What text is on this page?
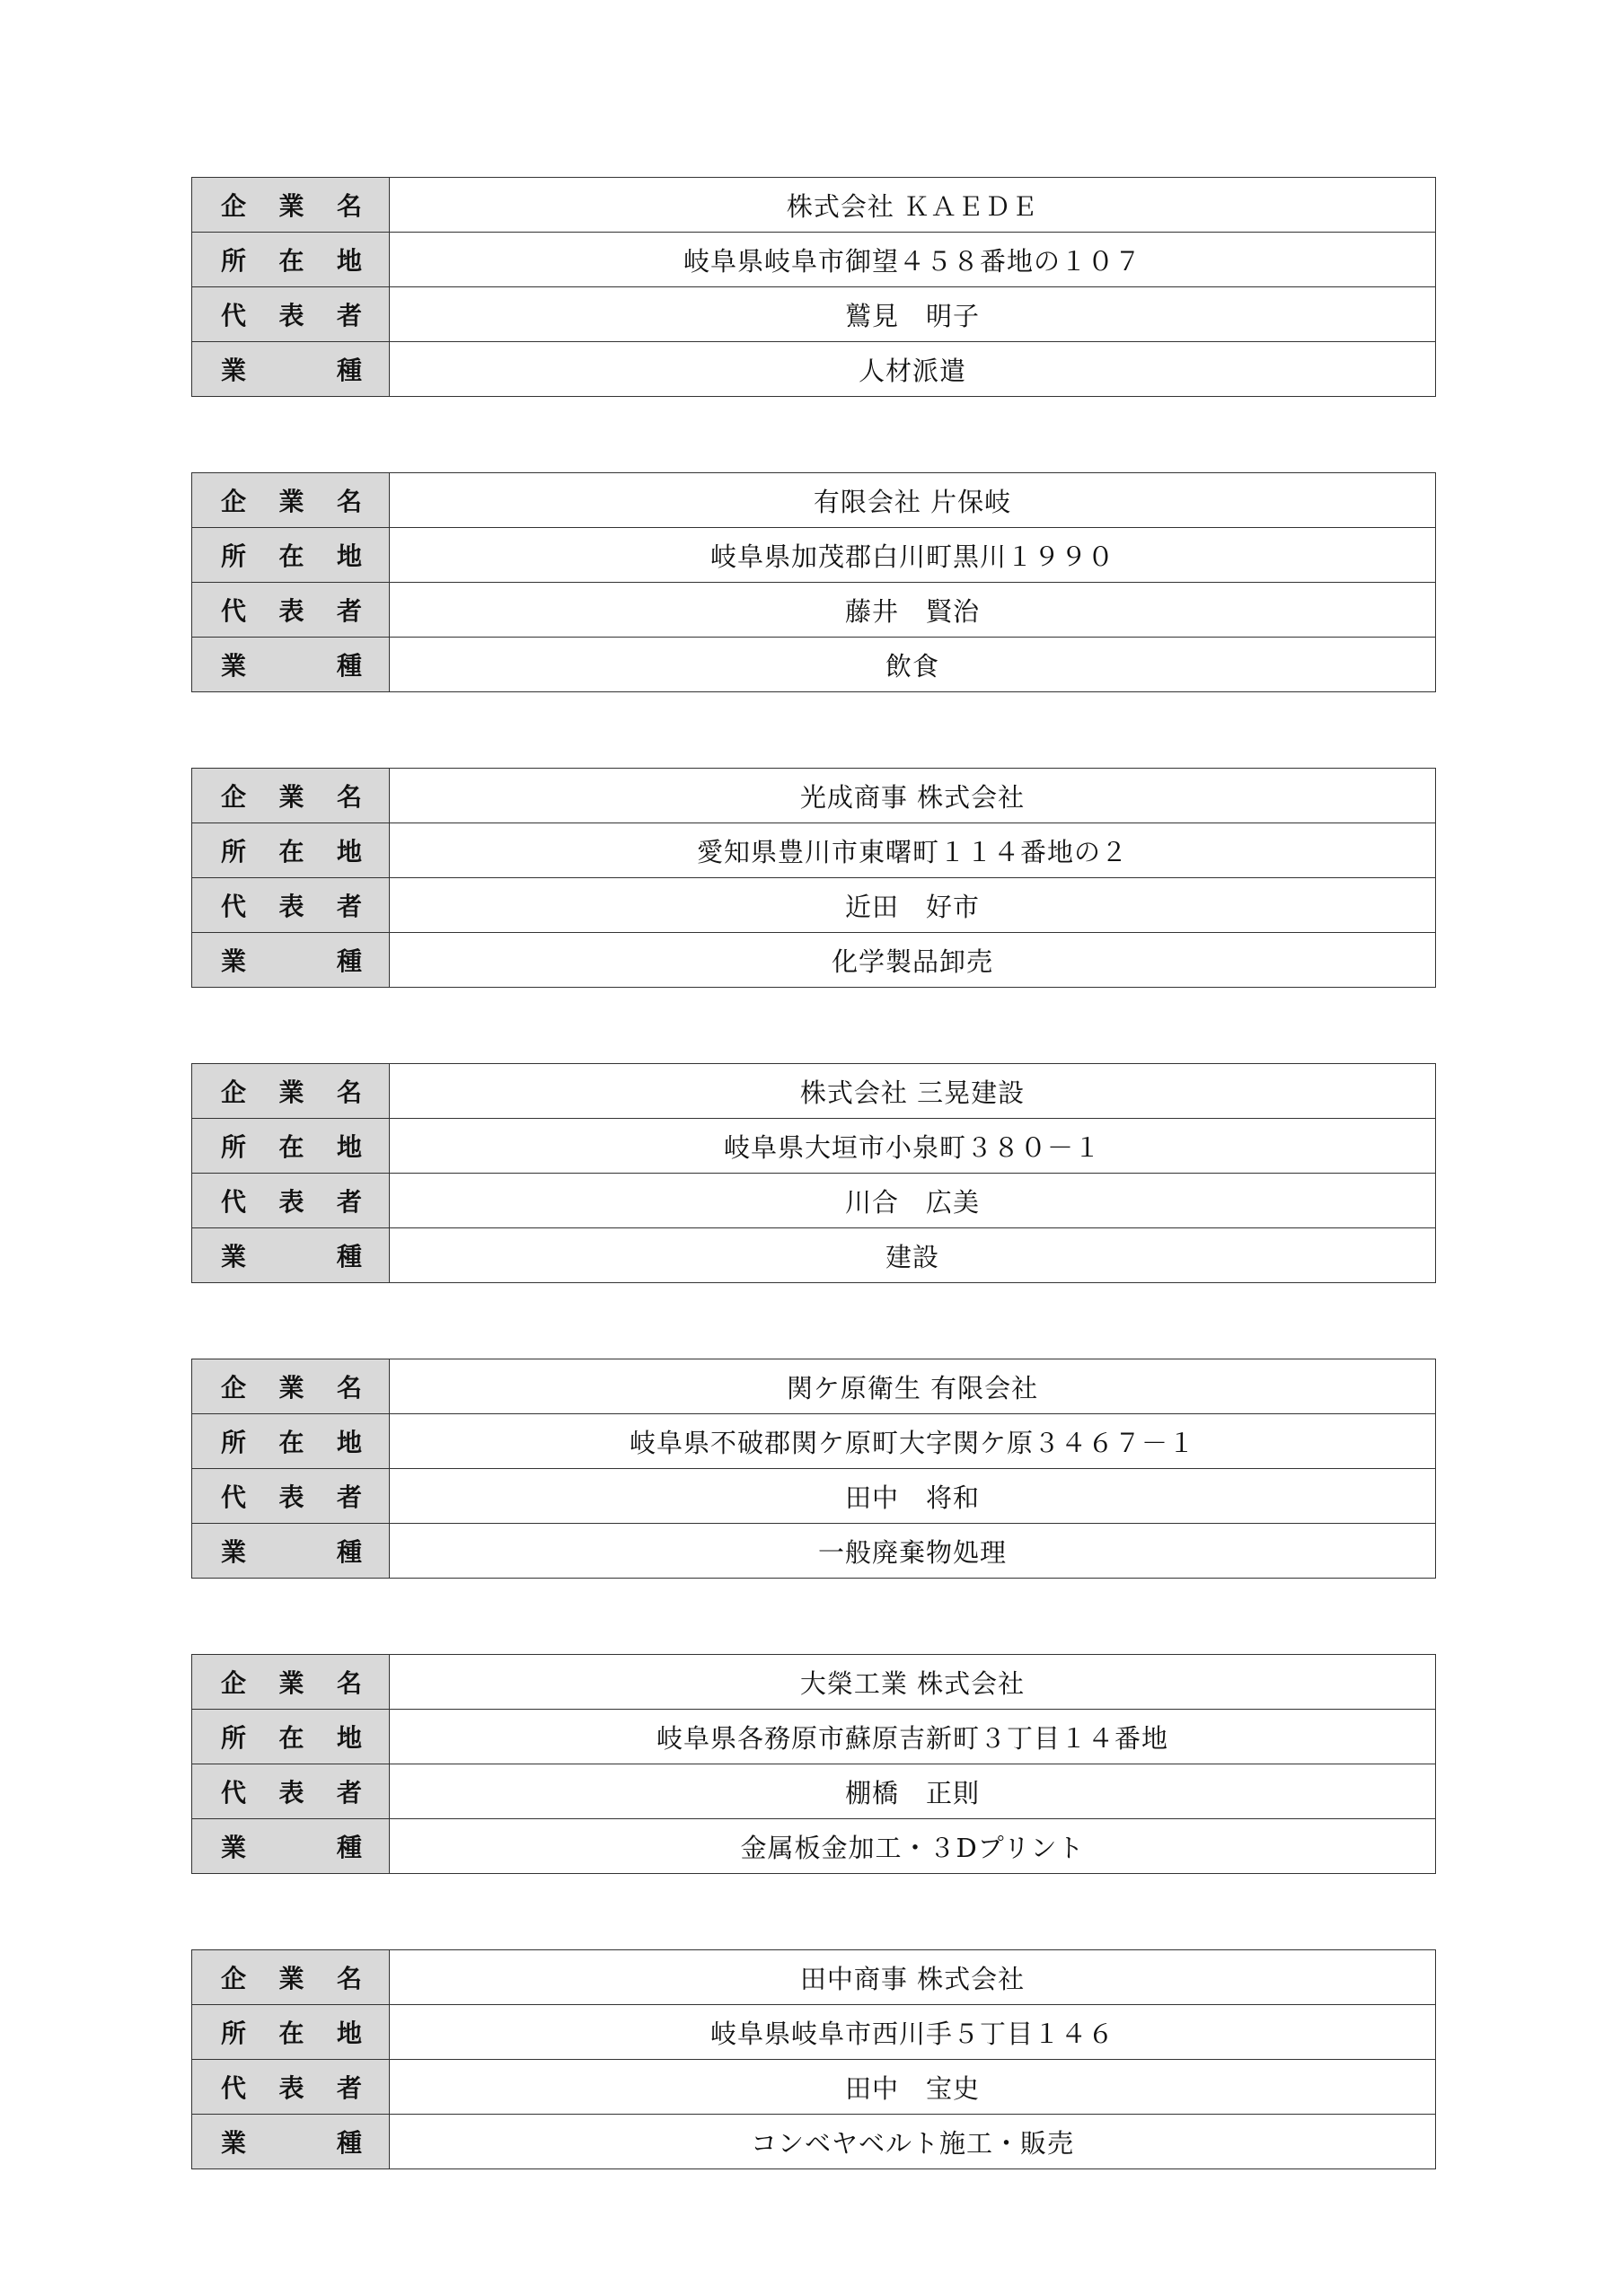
企 業 名	株式会社 ＫＡＥＤＥ

所 在 地	岐阜県岐阜市御望４５８番地の１０７

代 表 者	鷲見　明子

業 種	人材派遣
企 業 名	有限会社 片保岐

所 在 地	岐阜県加茂郡白川町黒川１９９０

代 表 者	藤井　賢治

業 種	飲食
企 業 名	光成商事 株式会社

所 在 地	愛知県豊川市東曙町１１４番地の２

代 表 者	近田　好市

業 種	化学製品卸売
企 業 名	株式会社 三晃建設

所 在 地	岐阜県大垣市小泉町３８０－１

代 表 者	川合　広美

業 種	建設
企 業 名	関ケ原衛生 有限会社

所 在 地	岐阜県不破郡関ケ原町大字関ケ原３４６７－１

代 表 者	田中　将和

業 種	一般廃棄物処理
企 業 名	大榮工業 株式会社

所 在 地	岐阜県各務原市蘇原吉新町３丁目１４番地

代 表 者	棚橋　正則

業 種	金属板金加工・３Dプリント
企 業 名	田中商事 株式会社

所 在 地	岐阜県岐阜市西川手５丁目１４６

代 表 者	田中　宝史

業 種	コンベヤベルト施工・販売
